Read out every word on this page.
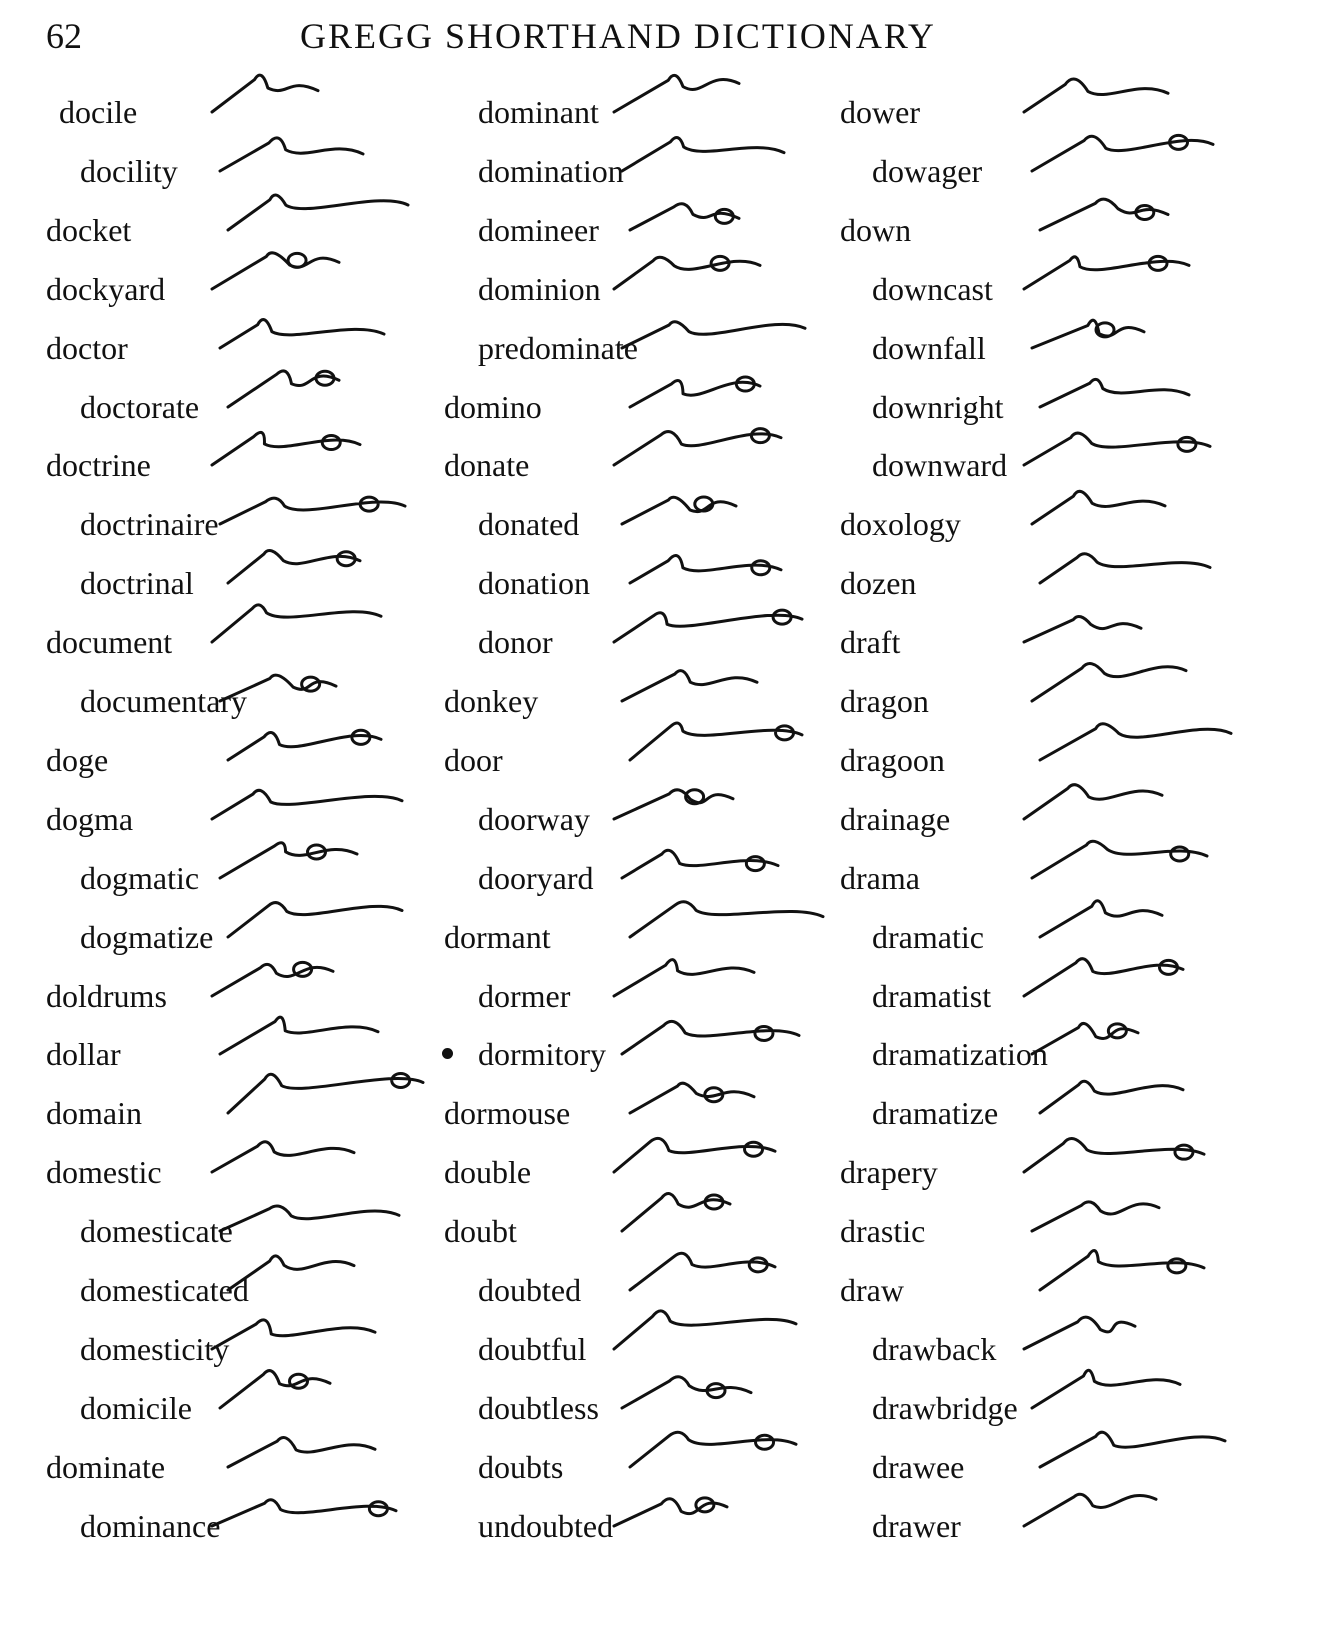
62	GREGG SHORTHAND DICTIONARY
docile
docility
docket
dockyard
doctor
doctorate
doctrine
doctrinaire
doctrinal
document
documentary
doge
dogma
dogmatic
dogmatize
doldrums
dollar
domain
domestic
domesticate
domesticated
domesticity
domicile
dominate
dominance
dominant
domination
domineer
dominion
predominate
domino
donate
donated
donation
donor
donkey
door
doorway
dooryard
dormant
dormer
dormitory
dormouse
double
doubt
doubted
doubtful
doubtless
doubts
undoubted
dower
dowager
down
downcast
downfall
downright
downward
doxology
dozen
draft
dragon
dragoon
drainage
drama
dramatic
dramatist
dramatization
dramatize
drapery
drastic
draw
drawback
drawbridge
drawee
drawer
